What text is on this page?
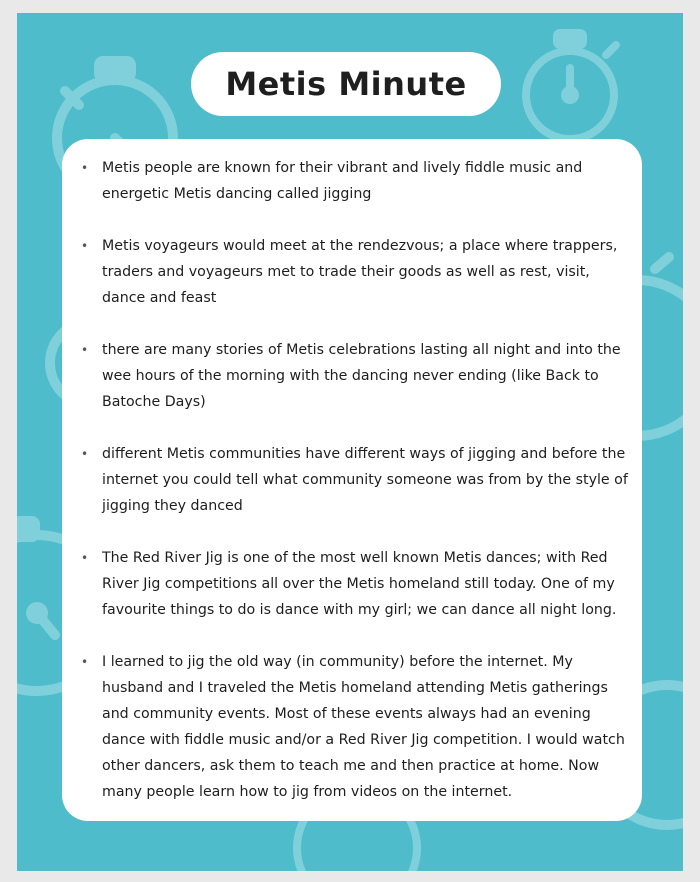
Metis Minute
• Metis people are known for their vibrant and lively fiddle music and energetic Metis dancing called jigging
• Metis voyageurs would meet at the rendezvous; a place where trappers, traders and voyageurs met to trade their goods as well as rest, visit, dance and feast
• there are many stories of Metis celebrations lasting all night and into the wee hours of the morning with the dancing never ending (like Back to Batoche Days)
• different Metis communities have different ways of jigging and before the internet you could tell what community someone was from by the style of jigging they danced
• The Red River Jig is one of the most well known Metis dances; with Red River Jig competitions all over the Metis homeland still today. One of my favourite things to do is dance with my girl; we can dance all night long.
• I learned to jig the old way (in community) before the internet. My husband and I traveled the Metis homeland attending Metis gatherings and community events. Most of these events always had an evening dance with fiddle music and/or a Red River Jig competition. I would watch other dancers, ask them to teach me and then practice at home. Now many people learn how to jig from videos on the internet.
